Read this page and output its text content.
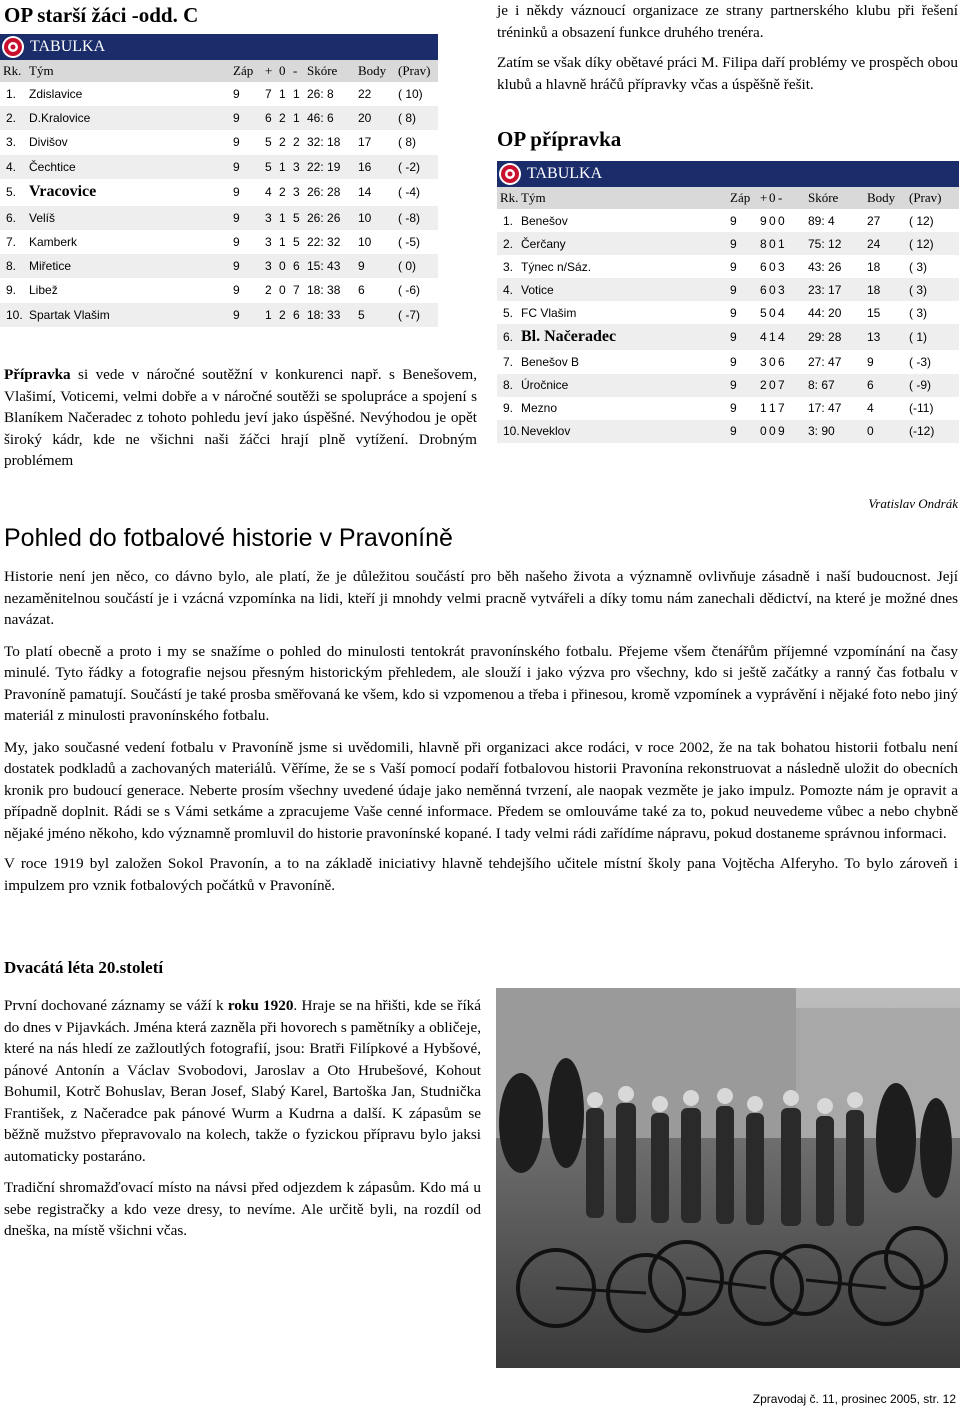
OP starší žáci -odd. C
TABULKA
Rk.	Tým	Záp	+	0	-	Skóre	Body	(Prav)
1.	Zdislavice	9	7	1	1	26: 8	22	( 10)
2.	D.Kralovice	9	6	2	1	46: 6	20	( 8)
3.	Divišov	9	5	2	2	32: 18	17	( 8)
4.	Čechtice	9	5	1	3	22: 19	16	( -2)
5.	Vracovice	9	4	2	3	26: 28	14	( -4)
6.	Velíš	9	3	1	5	26: 26	10	( -8)
7.	Kamberk	9	3	1	5	22: 32	10	( -5)
8.	Miřetice	9	3	0	6	15: 43	9	( 0)
9.	Libež	9	2	0	7	18: 38	6	( -6)
10.	Spartak Vlašim	9	1	2	6	18: 33	5	( -7)

Přípravka si vede v náročné soutěžní v konkurenci např. s Benešovem, Vlašimí, Voticemi, velmi dobře a v náročné soutěži se spolupráce a spojení s Blaníkem Načeradec z tohoto pohledu jeví jako úspěšné. Nevýhodou je opět široký kádr, kde ne všichni naši žáčci hrají plně vytížení. Drobným problémem

je i někdy váznoucí organizace ze strany partnerského klubu při řešení tréninků a obsazení funkce druhého trenéra.

Zatím se však díky obětavé práci M. Filipa daří problémy ve prospěch obou klubů a hlavně hráčů přípravky včas a úspěšně řešit.

OP přípravka
TABULKA
Rk.	Tým	Záp	+	0	-	Skóre	Body	(Prav)
1.	Benešov	9	9	0	0	89: 4	27	( 12)
2.	Čerčany	9	8	0	1	75: 12	24	( 12)
3.	Týnec n/Sáz.	9	6	0	3	43: 26	18	( 3)
4.	Votice	9	6	0	3	23: 17	18	( 3)
5.	FC Vlašim	9	5	0	4	44: 20	15	( 3)
6.	Bl. Načeradec	9	4	1	4	29: 28	13	( 1)
7.	Benešov B	9	3	0	6	27: 47	9	( -3)
8.	Úročnice	9	2	0	7	8: 67	6	( -9)
9.	Mezno	9	1	1	7	17: 47	4	(-11)
10.	Neveklov	9	0	0	9	3: 90	0	(-12)
Vratislav Ondrák
Pohled do fotbalové historie v Pravoníně

Historie není jen něco, co dávno bylo, ale platí, že je důležitou součástí pro běh našeho života a významně ovlivňuje zásadně i naší budoucnost. Její nezaměnitelnou součástí je i vzácná vzpomínka na lidi, kteří ji mnohdy velmi pracně vytvářeli a díky tomu nám zanechali dědictví, na které je možné dnes navázat.

To platí obecně a proto i my se snažíme o pohled do minulosti tentokrát pravonínského fotbalu. Přejeme všem čtenářům příjemné vzpomínání na časy minulé. Tyto řádky a fotografie nejsou přesným historickým přehledem, ale slouží i jako výzva pro všechny, kdo si ještě začátky a ranný čas fotbalu v Pravoníně pamatují. Součástí je také prosba směřovaná ke všem, kdo si vzpomenou a třeba i přinesou, kromě vzpomínek a vyprávění i nějaké foto nebo jiný materiál z minulosti pravonínského fotbalu.

My, jako současné vedení fotbalu v Pravoníně jsme si uvědomili, hlavně při organizaci akce rodáci, v roce 2002, že na tak bohatou historii fotbalu není dostatek podkladů a zachovaných materiálů. Věříme, že se s Vaší pomocí podaří fotbalovou historii Pravonína rekonstruovat a následně uložit do obecních kronik pro budoucí generace. Neberte prosím všechny uvedené údaje jako neměnná tvrzení, ale naopak vezměte je jako impulz. Pomozte nám je opravit a případně doplnit. Rádi se s Vámi setkáme a zpracujeme Vaše cenné informace. Předem se omlouváme také za to, pokud neuvedeme vůbec a nebo chybně nějaké jméno někoho, kdo významně promluvil do historie pravonínské kopané. I tady velmi rádi zařídíme nápravu, pokud dostaneme správnou informaci.

V roce 1919 byl založen Sokol Pravonín, a to na základě iniciativy hlavně tehdejšího učitele místní školy pana Vojtěcha Alferyho. To bylo zároveň i impulzem pro vznik fotbalových počátků v Pravoníně.

Dvacátá léta 20.století

První dochované záznamy se váží k roku 1920. Hraje se na hřišti, kde se říká do dnes v Pijavkách. Jména která zazněla při hovorech s pamětníky a obličeje, které na nás hledí ze zažloutlých fotografií, jsou: Bratři Filípkové a Hybšové, pánové Antonín a Václav Svobodovi, Jaroslav a Oto Hrubešové, Kohout Bohumil, Kotrč Bohuslav, Beran Josef, Slabý Karel, Bartoška Jan, Studnička František, z Načeradce pak pánové Wurm a Kudrna a další. K zápasům se běžně mužstvo přepravovalo na kolech, takže o fyzickou přípravu bylo jaksi automaticky postaráno.

Tradiční shromažďovací místo na návsi před odjezdem k zápasům. Kdo má u sebe registračky a kdo veze dresy, to nevíme. Ale určitě byli, na rozdíl od dneška, na místě všichni včas.

Zpravodaj č. 11, prosinec 2005, str. 12
